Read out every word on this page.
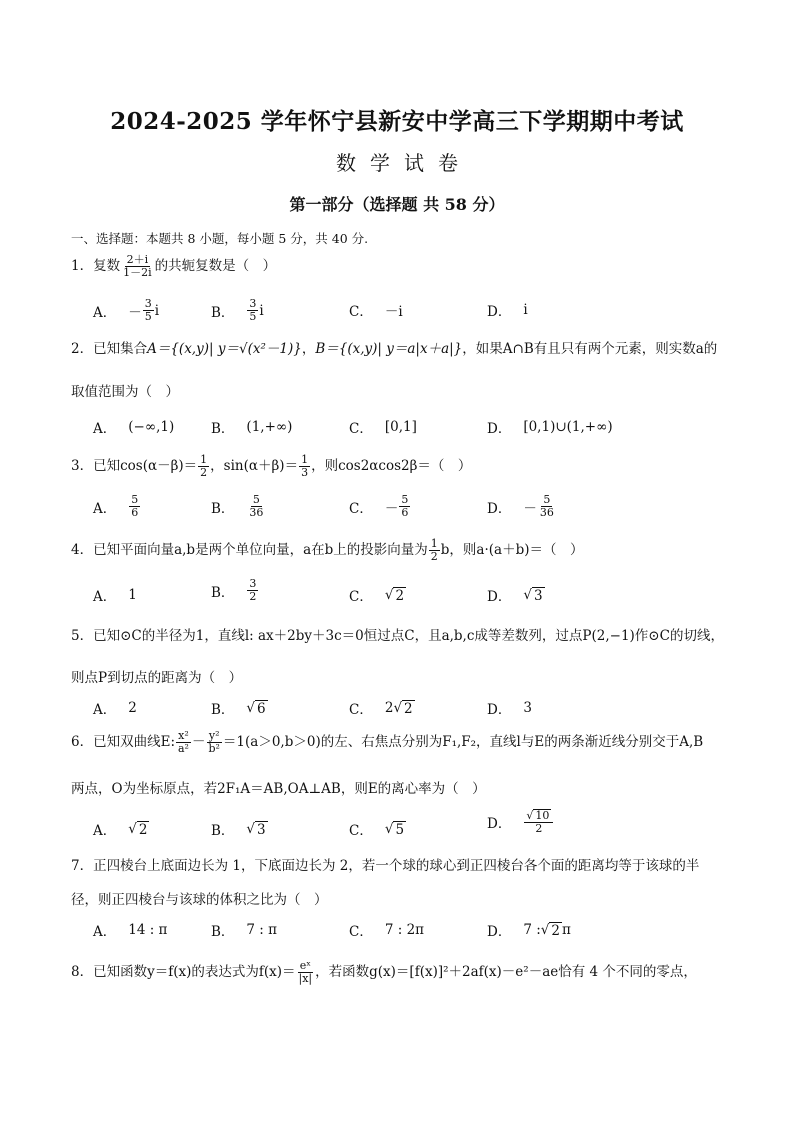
2024-2025 学年怀宁县新安中学高三下学期期中考试
数学试卷
第一部分（选择题 共 58 分）
一、选择题：本题共 8 小题，每小题 5 分，共 40 分.
1．复数 $\frac{2+i}{1-2i}$ 的共轭复数是（　）
A． － $\frac{3}{5}$ i	B． $\frac{3}{5}$ i	C． －i	D． i
2．已知集合A＝{(x,y)| y＝√(x²－1)}，B＝{(x,y)| y＝a|x＋a|}，如果A∩B有且只有两个元素，则实数a的
取值范围为（　）
A． (−∞,1)	B． (1,+∞)	C． [0,1]	D． [0,1)∪(1,+∞)
3．已知$\cos(\alpha-\beta)= \frac{1}{2}$ ，$\sin(\alpha+\beta)= \frac{1}{3}$ ，则cos2αcos2β＝（　）
A． $\frac{5}{6}$	B． $\frac{5}{36}$	C． － $\frac{5}{6}$	D． － $\frac{5}{36}$
4．已知平面向量a,b是两个单位向量，a在b上的投影向量为 $\frac{1}{2}$ b，则a·(a＋b)＝（　）
A． 1	B． $\frac{3}{2}$	C． √ 2	D． √ 3
5．已知⊙C的半径为1，直线l: ax＋2by＋3c＝0恒过点C，且a,b,c成等差数列，过点P(2,−1)作⊙C的切线，
则点P到切点的距离为（　）
A． 2	B． √ 6	C． 2 √ 2	D． 3
6．已知双曲线E: $\frac{\text{x²}}{\text{a²}} - \frac{\text{y²}}{\text{b²}} =1(a>0,b>0)$的左、右焦点分别为F₁,F₂，直线l与E的两条渐近线分别交于A,B
两点，O为坐标原点，若2F₁A＝AB,OA⊥AB，则E的离心率为（　）
A． √ 2	B． √ 3	C． √ 5	D． $\frac{√ 10}{2}$
7．正四棱台上底面边长为 1，下底面边长为 2，若一个球的球心到正四棱台各个面的距离均等于该球的半
径，则正四棱台与该球的体积之比为（　）
A． 14 : π	B． 7 : π	C． 7 : 2π	D． 7 : √ 2 π
8．已知函数y＝f(x)的表达式为$f(x)= \frac{\text{eˣ}}{|x|}$ ，若函数g(x)＝[f(x)]²＋2af(x)－e²－ae恰有 4 个不同的零点，
